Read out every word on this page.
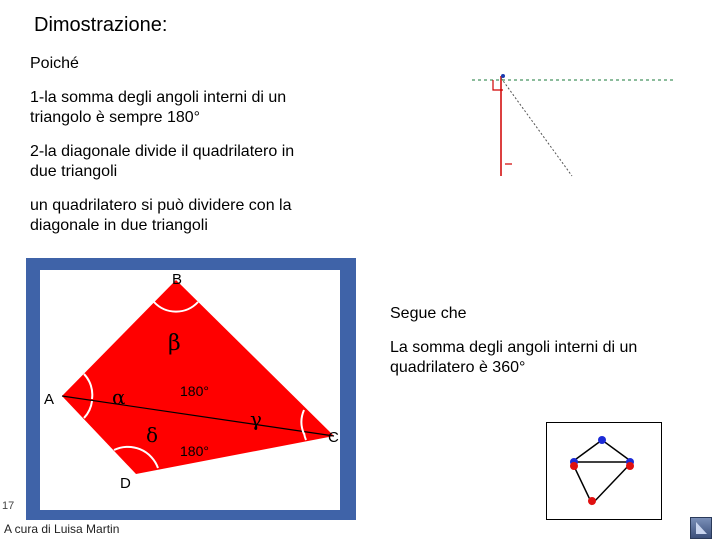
Dimostrazione:
Poiché
1-la somma degli angoli interni di un
triangolo è sempre 180°
2-la diagonale divide il quadrilatero in
due triangoli
un quadrilatero si può dividere con la
diagonale in due triangoli
B
A
C
D
β
α
γ
δ
180°
180°
Segue che
La somma degli angoli interni di un
quadrilatero è 360°
17
A cura di Luisa Martin
